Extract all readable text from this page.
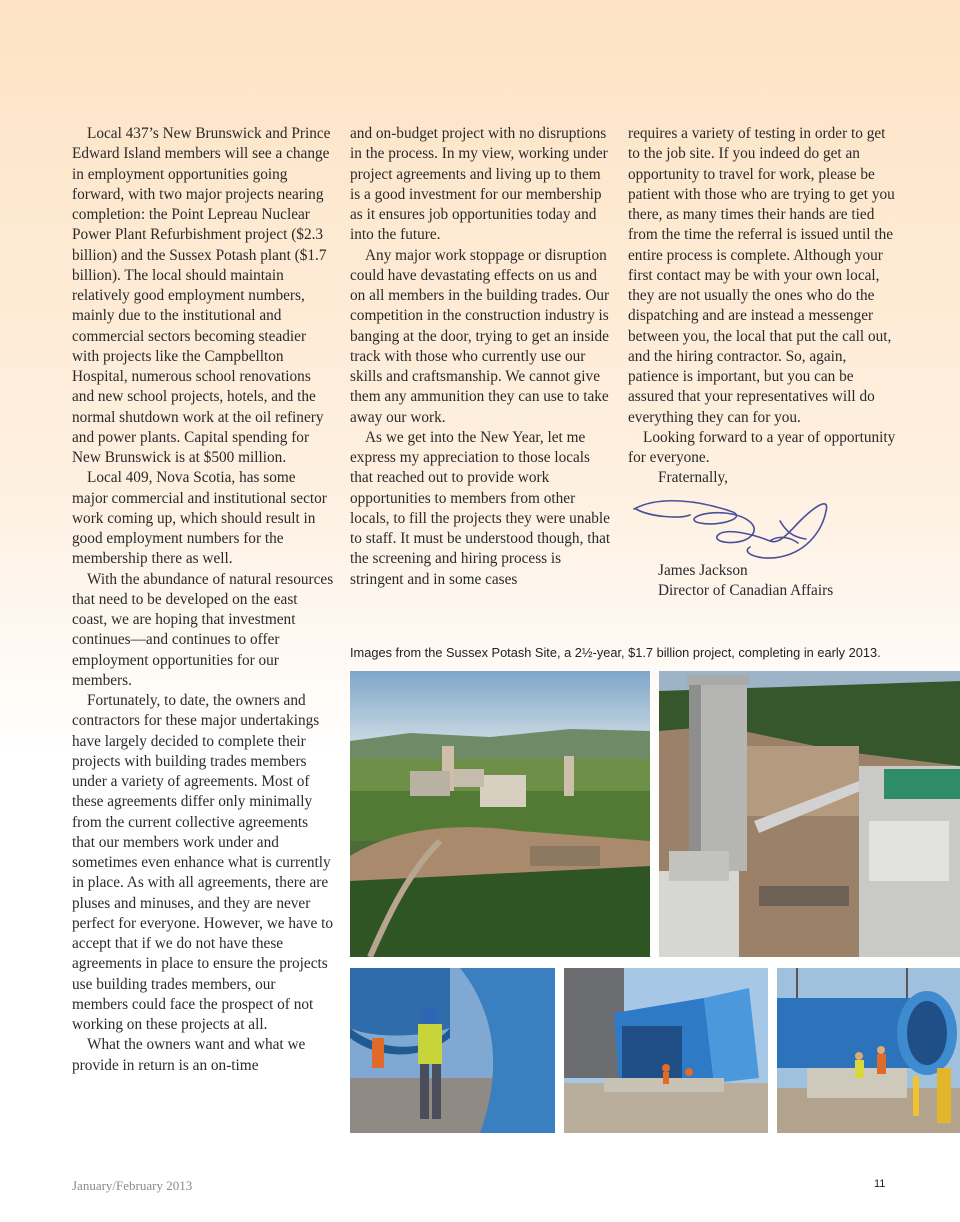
Local 437’s New Brunswick and Prince Edward Island members will see a change in employment opportunities going forward, with two major projects nearing completion: the Point Lepreau Nuclear Power Plant Refurbishment project ($2.3 billion) and the Sussex Potash plant ($1.7 billion). The local should maintain relatively good employment numbers, mainly due to the institutional and commercial sectors becoming steadier with projects like the Campbellton Hospital, numerous school renovations and new school projects, hotels, and the normal shutdown work at the oil refinery and power plants. Capital spending for New Brunswick is at $500 million.

Local 409, Nova Scotia, has some major commercial and institutional sector work coming up, which should result in good employment numbers for the membership there as well.

With the abundance of natural resources that need to be developed on the east coast, we are hoping that investment continues—and continues to offer employment opportunities for our members.

Fortunately, to date, the owners and contractors for these major undertakings have largely decided to complete their projects with building trades members under a variety of agreements. Most of these agreements differ only minimally from the current collective agreements that our members work under and sometimes even enhance what is currently in place. As with all agreements, there are pluses and minuses, and they are never perfect for everyone. However, we have to accept that if we do not have these agreements in place to ensure the projects use building trades members, our members could face the prospect of not working on these projects at all.

What the owners want and what we provide in return is an on-time

and on-budget project with no disruptions in the process. In my view, working under project agreements and living up to them is a good investment for our membership as it ensures job opportunities today and into the future.

Any major work stoppage or disruption could have devastating effects on us and on all members in the building trades. Our competition in the construction industry is banging at the door, trying to get an inside track with those who currently use our skills and craftsmanship. We cannot give them any ammunition they can use to take away our work.

As we get into the New Year, let me express my appreciation to those locals that reached out to provide work opportunities to members from other locals, to fill the projects they were unable to staff. It must be understood though, that the screening and hiring process is stringent and in some cases

requires a variety of testing in order to get to the job site. If you indeed do get an opportunity to travel for work, please be patient with those who are trying to get you there, as many times their hands are tied from the time the referral is issued until the entire process is complete. Although your first contact may be with your own local, they are not usually the ones who do the dispatching and are instead a messenger between you, the local that put the call out, and the hiring contractor. So, again, patience is important, but you can be assured that your representatives will do everything they can for you.

Looking forward to a year of opportunity for everyone.

Fraternally,

James Jackson

Director of Canadian Affairs

Images from the Sussex Potash Site, a 2½-year, $1.7 billion project, completing in early 2013.
January/February 2013	11
